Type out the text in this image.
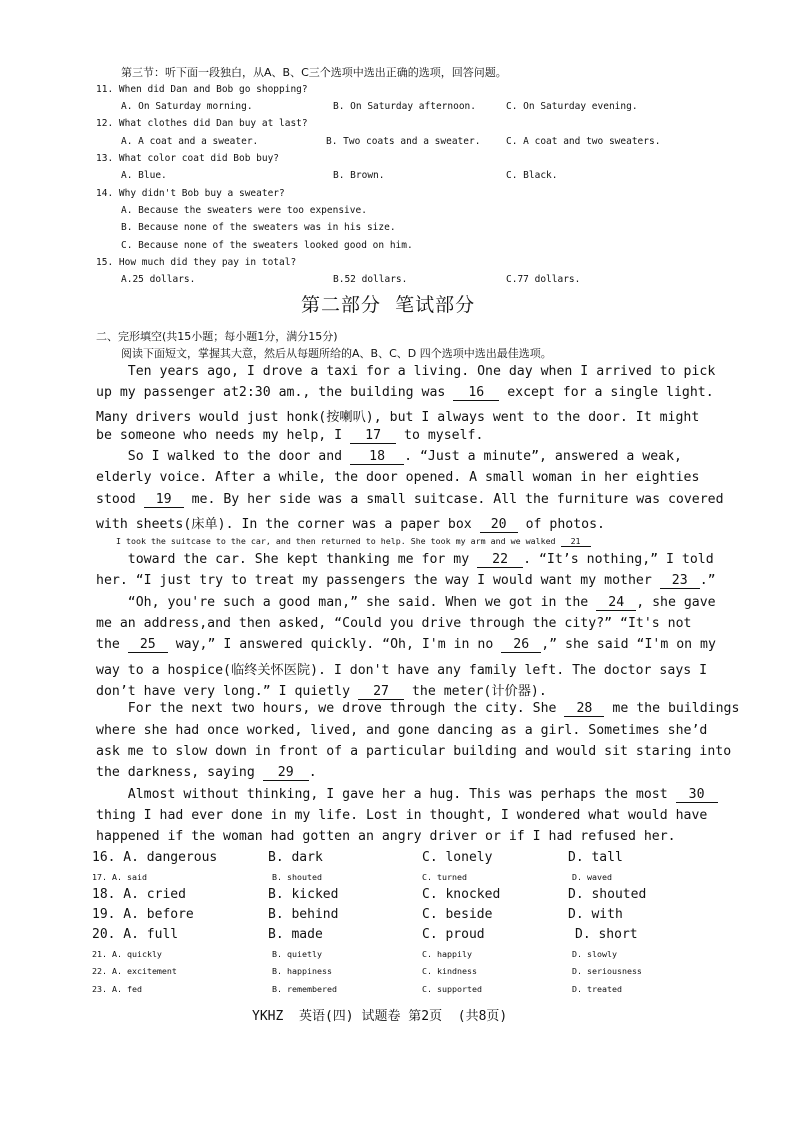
第三节：听下面一段独白，从A、B、C三个选项中选出正确的选项，回答问题。
11. When did Dan and Bob go shopping?
A. On Saturday morning.	B. On Saturday afternoon.	C. On Saturday evening.
12. What clothes did Dan buy at last?
A. A coat and a sweater.	B. Two coats and a sweater.	C. A coat and two sweaters.
13. What color coat did Bob buy?
A. Blue.	B. Brown.	C. Black.
14. Why didn't Bob buy a sweater?
A. Because the sweaters were too expensive.
B. Because none of the sweaters was in his size.
C. Because none of the sweaters looked good on him.
15. How much did they pay in total?
A.25 dollars.	B.52 dollars.	C.77 dollars.
第二部分  笔试部分
二、完形填空(共15小题；每小题1分，满分15分)
阅读下面短文，掌握其大意，然后从每题所给的A、B、C、D 四个选项中选出最佳选项。
Ten years ago, I drove a taxi for a living. One day when I arrived to pick
up my passenger at2:30 am., the building was 16 except for a single light.
Many drivers would just honk(按喇叭), but I always went to the door. It might
be someone who needs my help, I 17 to myself.
So I walked to the door and 18 . “Just a minute”, answered a weak,
elderly voice. After a while, the door opened. A small woman in her eighties
stood 19 me. By her side was a small suitcase. All the furniture was covered
with sheets(床单). In the corner was a paper box 20 of photos.
I took the suitcase to the car, and then returned to help. She took my arm and we walked 21
toward the car. She kept thanking me for my 22 . “It’s nothing,” I told
her. “I just try to treat my passengers the way I would want my mother 23 .”
“Oh, you're such a good man,” she said. When we got in the 24 , she gave
me an address,and then asked, “Could you drive through the city?” “It's not
the 25 way,” I answered quickly. “Oh, I'm in no 26 ,” she said “I'm on my
way to a hospice(临终关怀医院). I don't have any family left. The doctor says I
don’t have very long.” I quietly 27 the meter(计价器).
For the next two hours, we drove through the city. She 28 me the buildings
where she had once worked, lived, and gone dancing as a girl. Sometimes she’d
ask me to slow down in front of a particular building and would sit staring into
the darkness, saying 29 .
Almost without thinking, I gave her a hug. This was perhaps the most 30
thing I had ever done in my life. Lost in thought, I wondered what would have
happened if the woman had gotten an angry driver or if I had refused her.
16. A. dangerous	B. dark	C. lonely	D. tall
17. A. said	B. shouted	C. turned	D. waved
18. A. cried	B. kicked	C. knocked	D. shouted
19. A. before	B. behind	C. beside	D. with
20. A. full	B. made	C. proud	D. short
21. A. quickly	B. quietly	C. happily	D. slowly
22. A. excitement	B. happiness	C. kindness	D. seriousness
23. A. fed	B. remembered	C. supported	D. treated
YKHZ  英语(四) 试题卷 第2页  (共8页)
